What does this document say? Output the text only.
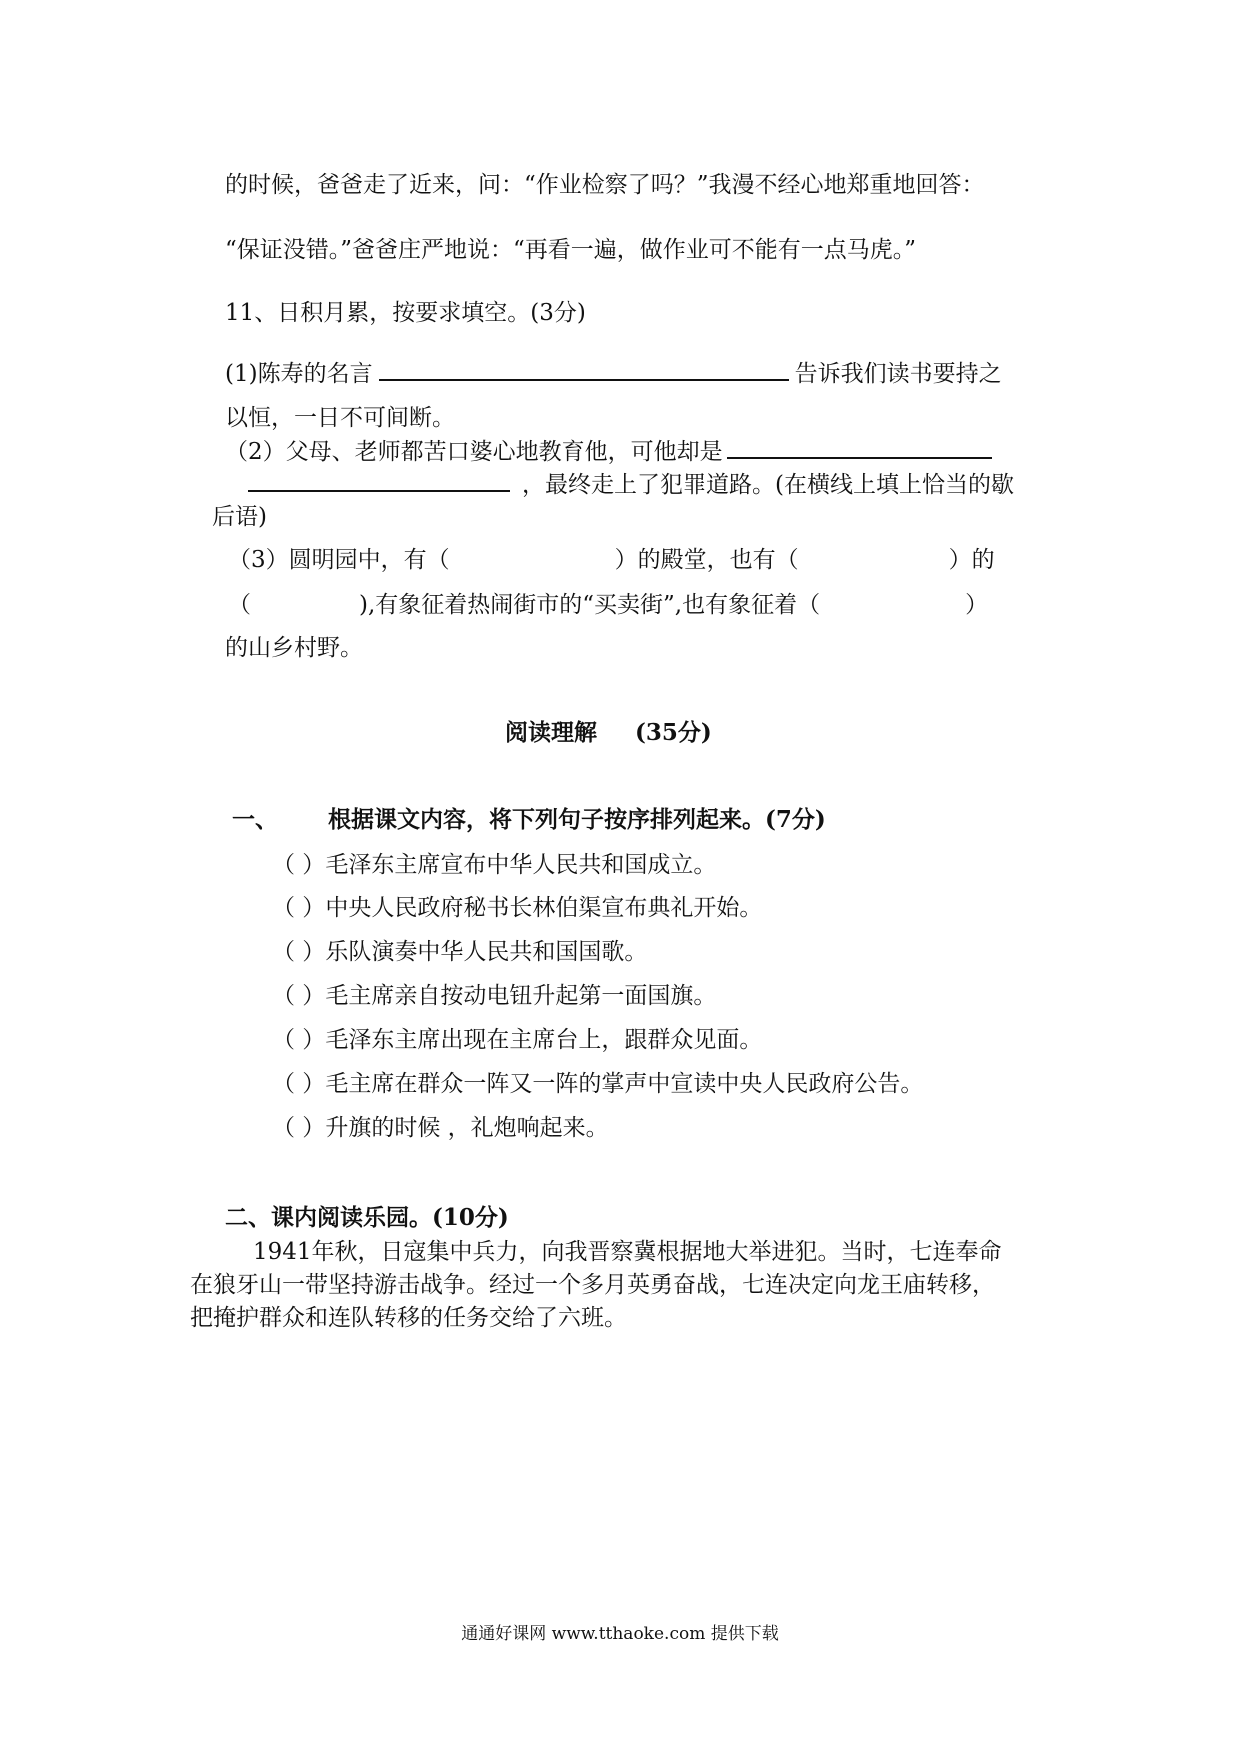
的时候，爸爸走了近来，问：“作业检察了吗？”我漫不经心地郑重地回答：
“保证没错。”爸爸庄严地说：“再看一遍，做作业可不能有一点马虎。”
11、日积月累，按要求填空。(3分)
(1)陈寿的名言	告诉我们读书要持之
以恒，一日不可间断。
（2）父母、老师都苦口婆心地教育他，可他却是
，最终走上了犯罪道路。(在横线上填上恰当的歇
后语)
（3）圆明园中，有（	）的殿堂，也有（	）的
（	),有象征着热闹街市的“买卖街”,也有象征着（	）
的山乡村野。
阅读理解 (35分)
一、 根据课文内容，将下列句子按序排列起来。(7分)
（ ）毛泽东主席宣布中华人民共和国成立。
（ ）中央人民政府秘书长林伯渠宣布典礼开始。
（ ）乐队演奏中华人民共和国国歌。
（ ）毛主席亲自按动电钮升起第一面国旗。
（ ）毛泽东主席出现在主席台上，跟群众见面。
（ ）毛主席在群众一阵又一阵的掌声中宣读中央人民政府公告。
（ ）升旗的时候 ，礼炮响起来。
二、课内阅读乐园。(10分)
1941年秋，日寇集中兵力，向我晋察冀根据地大举进犯。当时，七连奉命
在狼牙山一带坚持游击战争。经过一个多月英勇奋战，七连决定向龙王庙转移，
把掩护群众和连队转移的任务交给了六班。
通通好课网 www.tthaoke.com 提供下载
